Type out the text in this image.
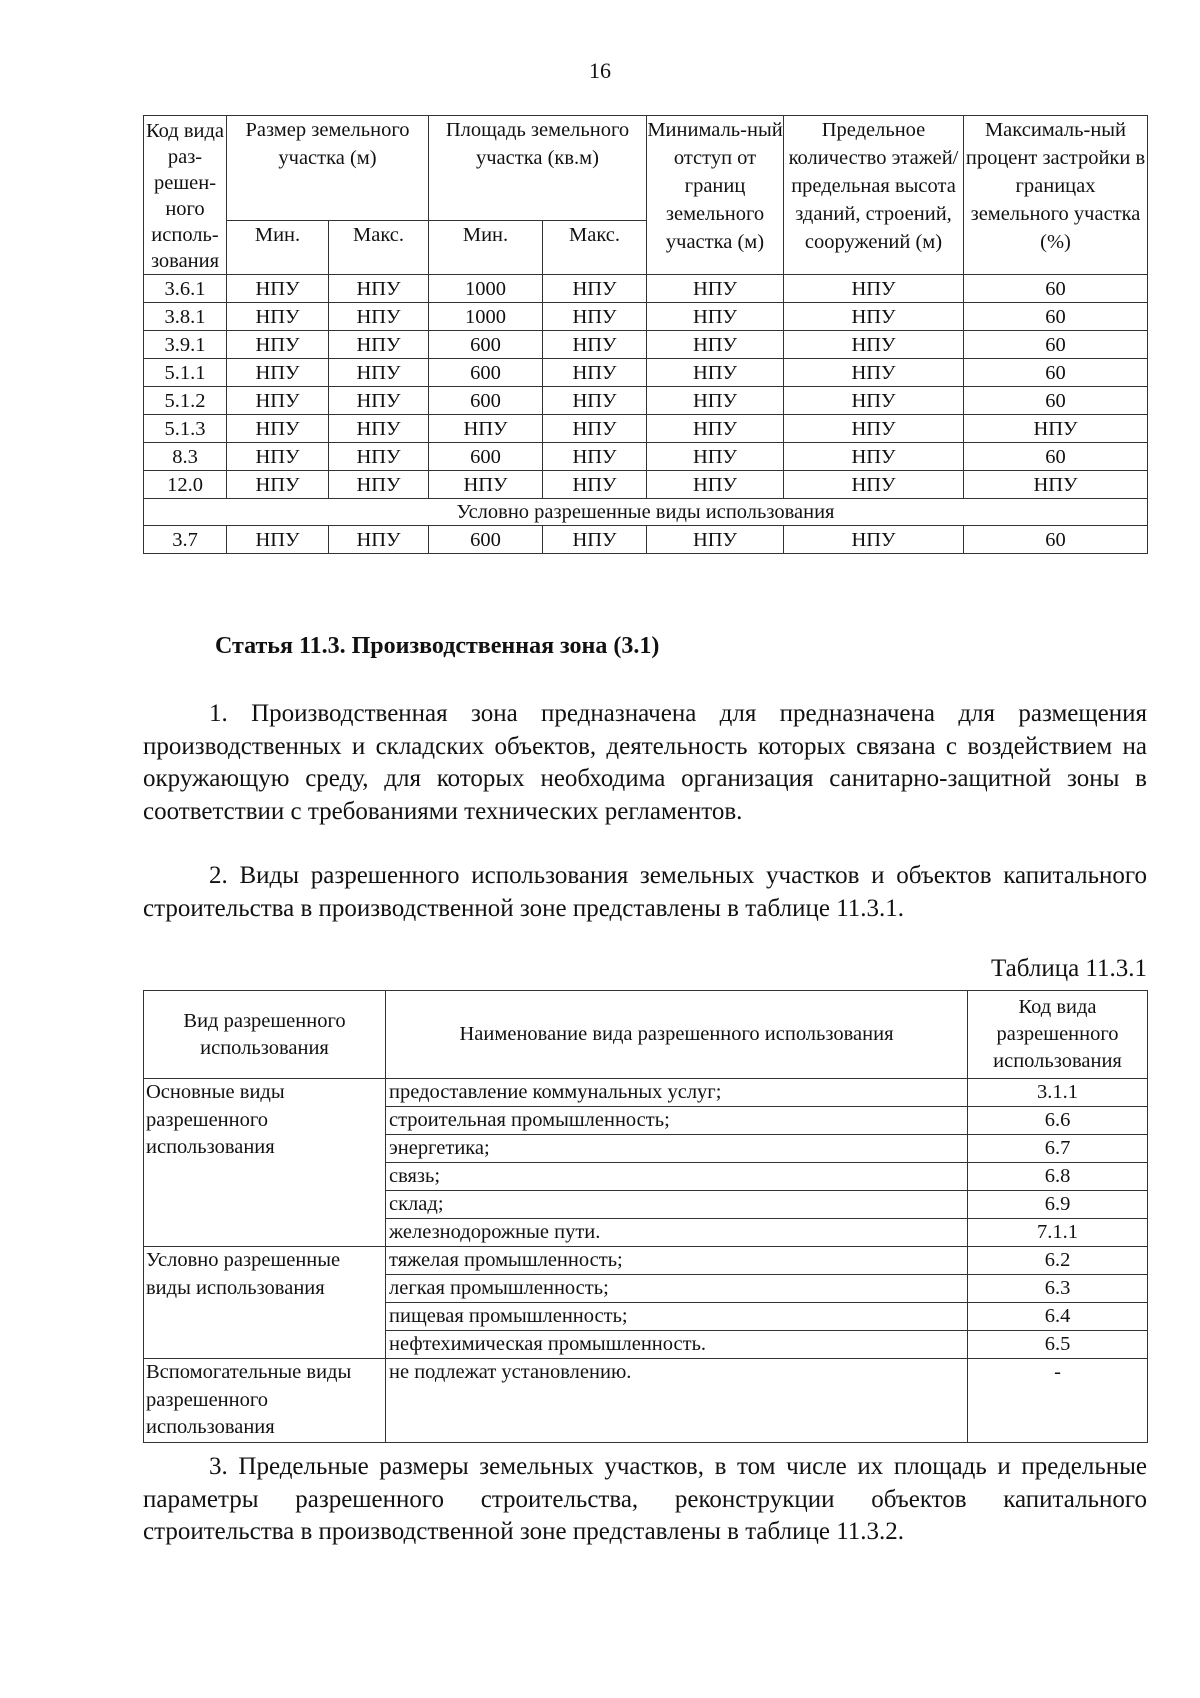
16
Код вида раз-решен-ного исполь-зования	Размер земельного участка (м)		Площадь земельного участка (кв.м)		Минималь-ный отступ от границ земельного участка (м)	Предельное количество этажей/ предельная высота зданий, строений, сооружений (м)	Максималь-ный процент застройки в границах земельного участка (%)
	Мин.	Макс.	Мин.	Макс.			
3.6.1	НПУ	НПУ	1000	НПУ	НПУ	НПУ	60
3.8.1	НПУ	НПУ	1000	НПУ	НПУ	НПУ	60
3.9.1	НПУ	НПУ	600	НПУ	НПУ	НПУ	60
5.1.1	НПУ	НПУ	600	НПУ	НПУ	НПУ	60
5.1.2	НПУ	НПУ	600	НПУ	НПУ	НПУ	60
5.1.3	НПУ	НПУ	НПУ	НПУ	НПУ	НПУ	НПУ
8.3	НПУ	НПУ	600	НПУ	НПУ	НПУ	60
12.0	НПУ	НПУ	НПУ	НПУ	НПУ	НПУ	НПУ
Условно разрешенные виды использования							
3.7	НПУ	НПУ	600	НПУ	НПУ	НПУ	60
Статья 11.3. Производственная зона (3.1)

1. Производственная зона предназначена для предназначена для размещения производственных и складских объектов, деятельность которых связана с воздействием на окружающую среду, для которых необходима организация санитарно-защитной зоны в соответствии с требованиями технических регламентов.

2. Виды разрешенного использования земельных участков и объектов капитального строительства в производственной зоне представлены в таблице 11.3.1.

Таблица 11.3.1
Вид разрешенного использования	Наименование вида разрешенного использования	Код вида разрешенного использования
Основные виды разрешенного использования	предоставление коммунальных услуг;	3.1.1
	строительная промышленность;	6.6
	энергетика;	6.7
	связь;	6.8
	склад;	6.9
	железнодорожные пути.	7.1.1
Условно разрешенные виды использования	тяжелая промышленность;	6.2
	легкая промышленность;	6.3
	пищевая промышленность;	6.4
	нефтехимическая промышленность.	6.5
Вспомогательные виды разрешенного использования	не подлежат установлению.	-

3. Предельные размеры земельных участков, в том числе их площадь и предельные параметры разрешенного строительства, реконструкции объектов капитального строительства в производственной зоне представлены в таблице 11.3.2.
